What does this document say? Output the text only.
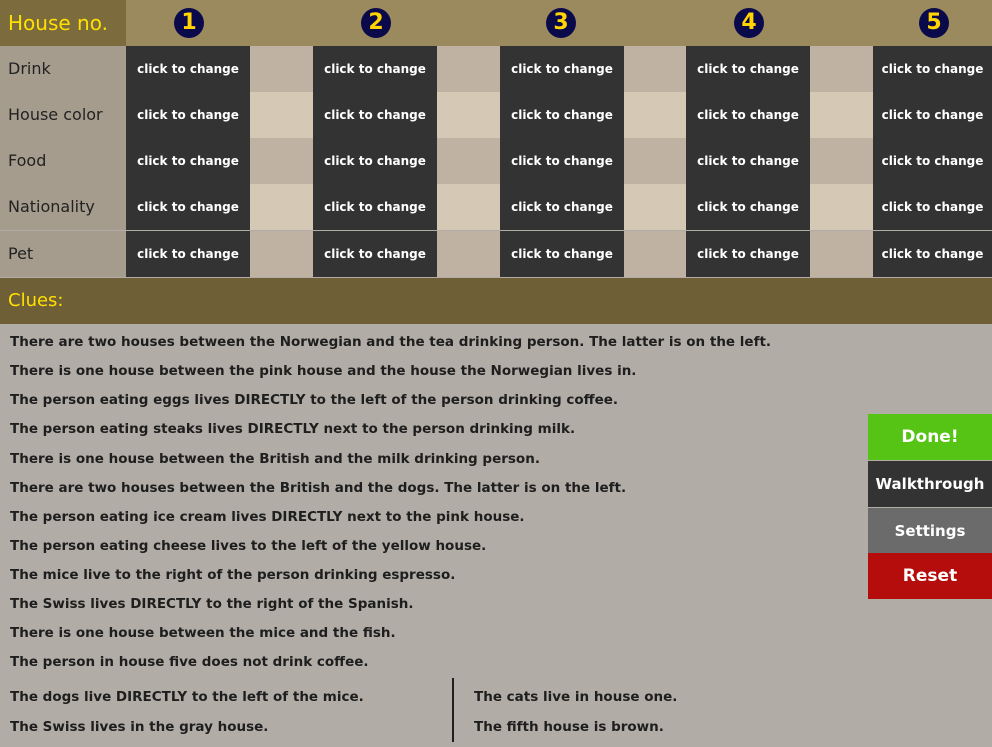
House no.	1	2	3	4	5
Drink	click to change	click to change	click to change	click to change	click to change
House color	click to change	click to change	click to change	click to change	click to change
Food	click to change	click to change	click to change	click to change	click to change
Nationality	click to change	click to change	click to change	click to change	click to change
Pet	click to change	click to change	click to change	click to change	click to change
Clues:
There are two houses between the Norwegian and the tea drinking person. The latter is on the left.
There is one house between the pink house and the house the Norwegian lives in.
The person eating eggs lives DIRECTLY to the left of the person drinking coffee.
The person eating steaks lives DIRECTLY next to the person drinking milk.
There is one house between the British and the milk drinking person.
There are two houses between the British and the dogs. The latter is on the left.
The person eating ice cream lives DIRECTLY next to the pink house.
The person eating cheese lives to the left of the yellow house.
The mice live to the right of the person drinking espresso.
The Swiss lives DIRECTLY to the right of the Spanish.
There is one house between the mice and the fish.
The person in house five does not drink coffee.
The dogs live DIRECTLY to the left of the mice.
The Swiss lives in the gray house.
The cats live in house one.
The fifth house is brown.
Done!
Walkthrough
Settings
Reset
